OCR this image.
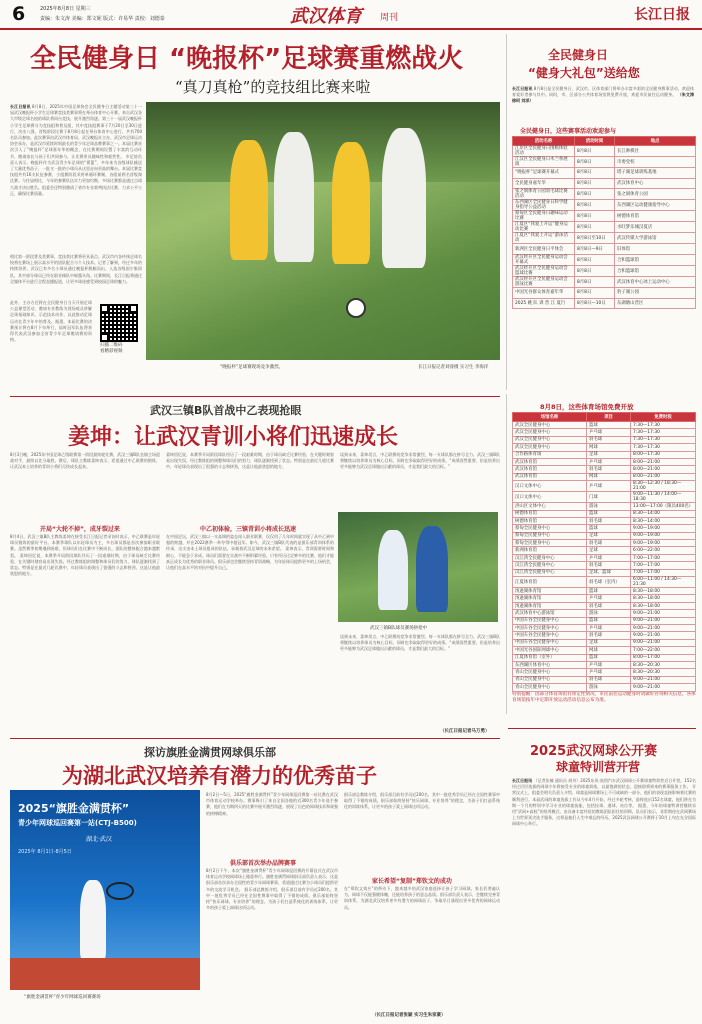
6	2025年8月8日 星期三
责编：朱文涛 美编：郑文妮 版式：许易华 责校：刘德泰	武汉体育 周刊	长江日报
全民健身日 “晚报杯”足球赛重燃战火
“真刀真枪”的竞技组比赛来啦
长江日报讯 8月8日，2025年中国足球协会全民健身日主题活动第三十一届武汉晚报杯小学生足球赛竞技类赛事将在琴台体育中心开赛。来自武汉各大市级足球名校的球队将同台竞技，展开激烈角逐。第三十一届武汉晚报杯小学生足球赛分为竞技组和普及组，其中竞技组赛事于7月20日至30日进行，决出八强，晋级阶段比赛于8月8日起在琴台体育中心进行，共有700名队员参加。此次赛事由武汉市体育局、武汉晚报社主办，武汉市足球运动协会承办，是武汉市延续时间最长的青少年足球品牌赛事之一。本届比赛首次引入了“晚报杯”足球嘉年华的概念，在比赛期间设置了丰富的互动环节，邀请家长与孩子们共同参与，让比赛更具趣味性和观赏性。 市足协负责人表示，晚报杯作为武汉青少年足球的“摇篮”，多年来为各级球队输送了大量优秀苗子，一批又一批的小球员从这里走向更高的舞台。本届比赛竞技组共有16支队伍参赛，小组赛阶段采用单循环赛制，各组前两名晋级淘汰赛。与往届相比，今年的参赛队伍实力更加均衡，多场比赛都是通过点球大战才决出胜负。组委会还特别邀请了省市专业裁判执法比赛，力求公平公正，确保比赛质量。
相比第一阶段普及类赛事，竞技类比赛将更具看点。武汉市内各传统足球名校将在赛场上展示高水平的团队配合与个人技术。记者了解到，经过多年的持续培养，武汉已有多名小球员通过晚报杯脱颖而出，入选各级国少集训队，其中部分球员已经在职业梯队中崭露头角。比赛期间，长江日报将通过全媒体平台进行全程直播报道，让更多球迷感受到校园足球的魅力。
此外，主办方还将在全民健身日当天开展足球公益课堂活动，邀请专业教练为现场观众讲解足球基础知识、示范技术动作，以此推动足球运动在青少年中的普及。据悉，本届比赛的决赛预计将在8月下旬举行，届时冠军队伍将获得代表武汉参加全省青少年足球邀请赛的资格。
扫描二维码
看精彩视频
“晚报杯”足球赛现场竞争激烈。	长江日报记者刘睿摄 实习生 李海洋
全民健身日
“健身大礼包”送给您
长江日报讯 8月8日是全民健身日，武汉市、区体育部门将举办丰富多彩的全民健身赛事活动，欢迎体育爱好者参与其中。同时，市、区部分公共体育场馆将免费开放，欢迎市民前往运动健身。 （朱文涛 徐珂 刘洋）
全民健身日，这些赛事活动欢迎参与
活动名称	活动时间	地点
江岸区全民健身日围棋体验活动	8月8日	长江帅棋社
江汉区全民健身日木兰拳展演	8月8日	市委党校
“晚报杯”足球赛开幕式	8月8日	塔子湖足球训练基地
全民健身嘉年华	8月8日	武汉体育中心
张之洞体育公园羽毛球比赛活动	8月8日	张之洞体育公园
东西湖区全民健身日科学健身指导公益活动	8月8日	东西湖区运动健康指导中心
蔡甸区全民健身日趣味运动比赛	8月8日	树德体育馆
江夏区“我爱上开运”健身运动比赛	8月8日	水旺梦乐城汉夏店
江夏区“我爱上开运”游泳活动	8月8日至10日	武汉传媒大学游泳馆
新洲区全民健身日平体会	8月8日—9日	旧体馆
武汉经开区全民健身运动会开幕式	8月8日	合和篮球馆
武汉经开区全民健身运动会篮球比赛	8月8日	合和篮球馆
武汉经开区全民健身运动会游泳比赛	8月8日	武汉体育中心冰上运动中心
中国光谷群众体育嘉年华	8月8日	豹子湖公园
2025 姚 队 训 营 江 夏行	8月8日—10日	东湖塘山营区
武汉三镇B队首战中乙表现抢眼
姜坤：让武汉青训小将们迅速成长
8月3日晚，2025年中国足球乙级联赛第一阶段最终轮比赛，武汉三镇B队坐镇主场迎战对手，最终以比分取胜。赛后，球队主教练姜坤表示，希望通过中乙联赛的锻炼，让武汉本土培养的青训小将们尽快成长起来。
开局“大轮不掉”，成牙裂过来
8月4日，武汉三镇B队主教练姜坤在接受长江日报记者采访时表示，中乙联赛是年轻球员锻炼的最好平台。本赛季球队以年轻球员为主，多名球员都是首次参加职业联赛。虽然赛季初期遇到困难，但球员们在比赛中不断成长，团队的整体配合越来越默契。 姜坤回忆说，本赛季开局阶段球队经历了一段艰难时期，由于球员缺乏比赛经验，在关键时刻容易出现失误。经过教练组的调整和球员们的努力，球队逐渐找到了状态。特别是在最近几轮比赛中，年轻球员表现出了很强的斗志和拼劲，这是让他最欣慰的地方。
姜坤回忆说，本赛季开局阶段球队经历了一段艰难时期，由于球员缺乏比赛经验，在关键时刻容易出现失误。经过教练组的调整和球员们的努力，球队逐渐找到了状态。特别是在最近几轮比赛中，年轻球员表现出了很强的斗志和拼劲，这是让他最欣慰的地方。
中乙初体验，三镇青训小将成长迅速
在中国足坛，武汉三镇以一支高调的姿态闯入职业联赛，仅仅用了几年时间就实现了从中乙到中超的跨越，并在2022赛季一举夺得中超冠军。如今，武汉三镇B队代表的是俱乐部青训体系的传承，这支由本土球员组成的队伍，承载着武汉足球的未来希望。 姜坤表示，青训需要时间和耐心，不能急于求成。球员们需要在实战中不断积累经验，只有经历过足够多的比赛，他们才能真正成长为优秀的职业球员。俱乐部也会继续坚持青训战略，为年轻球员提供更多的上场机会，让他们在高水平的对抗中提升自己。
谈到未来，姜坤坦言，中乙联赛的竞争非常激烈，每一支球队都在拼尽全力。武汉三镇B队将继续以培养球员为核心目标，同时也争取取得更好的成绩。“成绩固然重要，但是培养出更多能够为武汉足球做出贡献的球员，才是我们最大的目标。”
武汉三镇B队球员赛场拼抢中
谈到未来，姜坤坦言，中乙联赛的竞争非常激烈，每一支球队都在拼尽全力。武汉三镇B队将继续以培养球员为核心目标，同时也争取取得更好的成绩。“成绩固然重要，但是培养出更多能够为武汉足球做出贡献的球员，才是我们最大的目标。”
（长江日报记者马万勇）
8月8日，这些体育场馆免费开放
场馆名称	项目	免费时段
武汉全民健身中心	篮球	7:30—17:30
武汉全民健身中心	乒乓球	7:30—17:30
武汉全民健身中心	羽毛球	7:30—17:30
武汉全民健身中心	网球	7:30—17:30
合作路体育场	足球	8:00—17:30
武汉体育馆	乒乓球	8:00—21:00
武汉体育馆	羽毛球	8:00—21:00
武汉体育馆	网球	8:00—21:00
汉口文体中心	乒乓球	8:30—12:30 / 18:30—21:00
汉口文体中心	门球	9:00—11:30 / 14:00—18:30
洪山区文体中心	游泳	13:00—17:00（限员400名）
树德体育馆	篮球	8:30—14:00
树德体育馆	羽毛球	8:30—14:00
蔡甸全民健身中心	篮球	9:00—19:00
蔡甸全民健身中心	足球	9:00—19:00
蔡甸全民健身中心	羽毛球	9:00—19:00
新洲体育馆	足球	6:00—22:00
汉江湾全民健身中心	乒乓球	7:00—17:00
汉江湾全民健身中心	羽毛球	7:00—17:00
汉江湾全民健身中心	足球、篮球	7:00—17:00
江夏体育馆	羽毛球（室内）	6:00—11:00 / 14:30—21:30
汤逊湖体育馆	篮球	8:30—18:00
汤逊湖体育馆	乒乓球	8:30—18:00
汤逊湖体育馆	羽毛球	8:30—18:00
武汉体育中心游泳馆	游泳	9:00—21:00
中国车谷全民健身中心	篮球	9:00—21:00
中国车谷全民健身中心	乒乓球	9:00—21:00
中国车谷全民健身中心	羽毛球	9:00—21:00
中国车谷全民健身中心	足球	9:00—21:00
中国光谷国际网球中心	网球	7:00—22:00
江夏体育馆（室外）	篮球	8:00—17:00
东西湖区体育中心	乒乓球	8:30—20:30
青山全民健身中心	乒乓球	8:30—20:30
青山全民健身中心	羽毛球	9:00—21:00
青山全民健身中心	游泳	9:00—21:00
特别提醒：因部分体育场馆有预定性情况，市民前往运动健身时请做好咨询相关信息，各体育场馆按年中定期开放运动活动信息公布为准。
探访旗胜金满贯网球俱乐部
为湖北武汉培养有潜力的优秀苗子
2025“旗胜金满贯杯”
青少年网球巡回赛第一站(CTJ-B500)
湖北·武汉
2025年 8月1日-8月5日
“旗胜金满贯杯”青少年网球巡回赛赛场
8月2日—5日，2025“旗胜金满贯杯”青少年网球巡回赛第一站比赛在武汉市体育运动学校举办。赛事吸引了来自全国各地的近300名青少年选手参赛，他们在为期四天的比赛中展开激烈角逐，展现了出色的网球技术和顽强的拼搏精神。
俱乐部首次举办品牌赛事
8月2日下午，本次“旗胜金满贯杯”青少年网球巡回赛的开幕仪式在武汉市体育运动学校网球场上隆重举行。旗胜金满贯网球俱乐部负责人表示，这是俱乐部首次承办全国性的青少年网球赛事，希望通过比赛为小球员们提供更多的交流学习机会。 俱乐部总教练介绍，俱乐部目前有学员近200名，其中一批优秀学员已经在全国性赛事中取得了不错的成绩。俱乐部始终坚持“快乐网球、专业培养”的理念，为孩子们打造系统化的训练体系，让更多的孩子爱上网球这项运动。
俱乐部总教练介绍，俱乐部目前有学员近200名，其中一批优秀学员已经在全国性赛事中取得了不错的成绩。俱乐部始终坚持“快乐网球、专业培养”的理念，为孩子们打造系统化的训练体系，让更多的孩子爱上网球这项运动。
家长希望“复制”郑钦文的成功
在“郑钦文效应”的带动下，越来越多的武汉家庭选择让孩子学习网球。家长们普遍认为，网球不仅能强健体魄，还能培养孩子的意志品质。俱乐部负责人表示，会继续完善青训体系，为湖北武汉培养更多有潜力的网球苗子，争取早日涌现出更多优秀的网球运动员。
（长江日报记者张颖 实习生朱家豪）
2025武汉网球公开赛
球童特训营开营
长江日报讯 （记者张楠 通讯员 胡舟）2025东风·岚图汽车武汉网球公开赛球童特训营近日开营，152名经过层层选拔的网球少年将接受专业的球童训练，以最饱满的状态，迎接即将到来的赛事服务工作。 开营仪式上，组委会相关负责人介绍，球童是网球赛场上不可或缺的一部分，他们的表现直接影响着比赛的顺利进行。本届武网的球童选拔工作从今年4月开始，经过多轮考核，最终选出152名球童。他们将在为期一个月的特训中学习专业的球童技能，包括捡球、递球、站位等。 据悉，今年的球童特训营继续采用“武网+高校”的培养模式，由具备丰富经验的教练团队担任培训师。队员们表示，非常期待在武网赛场上为世界顶尖选手服务，这将是他们人生中难忘的经历。2025武汉网球公开赛将于10月上旬在光谷国际网球中心举行。
